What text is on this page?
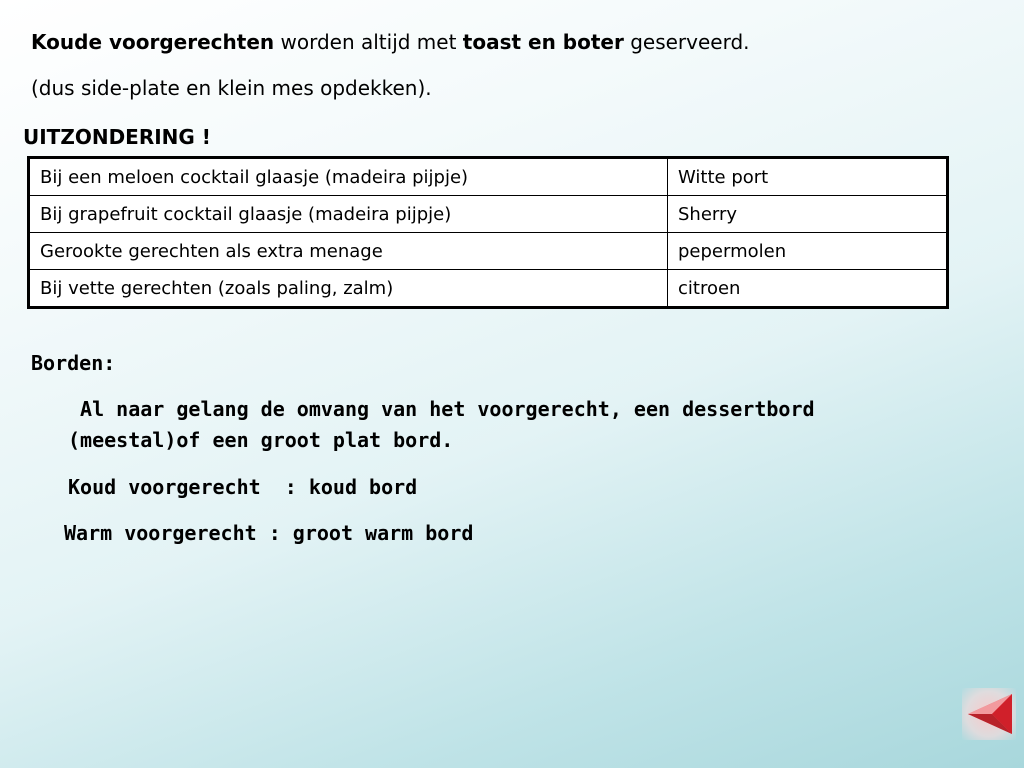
Koude voorgerechten worden altijd met toast en boter geserveerd.
(dus side-plate en klein mes opdekken).
UITZONDERING !
Bij een meloen cocktail glaasje (madeira pijpje)	Witte port
Bij grapefruit cocktail glaasje (madeira pijpje)	Sherry
Gerookte gerechten als extra menage	pepermolen
Bij vette gerechten (zoals paling, zalm)	citroen
Borden:
Al naar gelang de omvang van het voorgerecht, een dessertbord
(meestal)of een groot plat bord.
Koud voorgerecht  : koud bord
Warm voorgerecht : groot warm bord
